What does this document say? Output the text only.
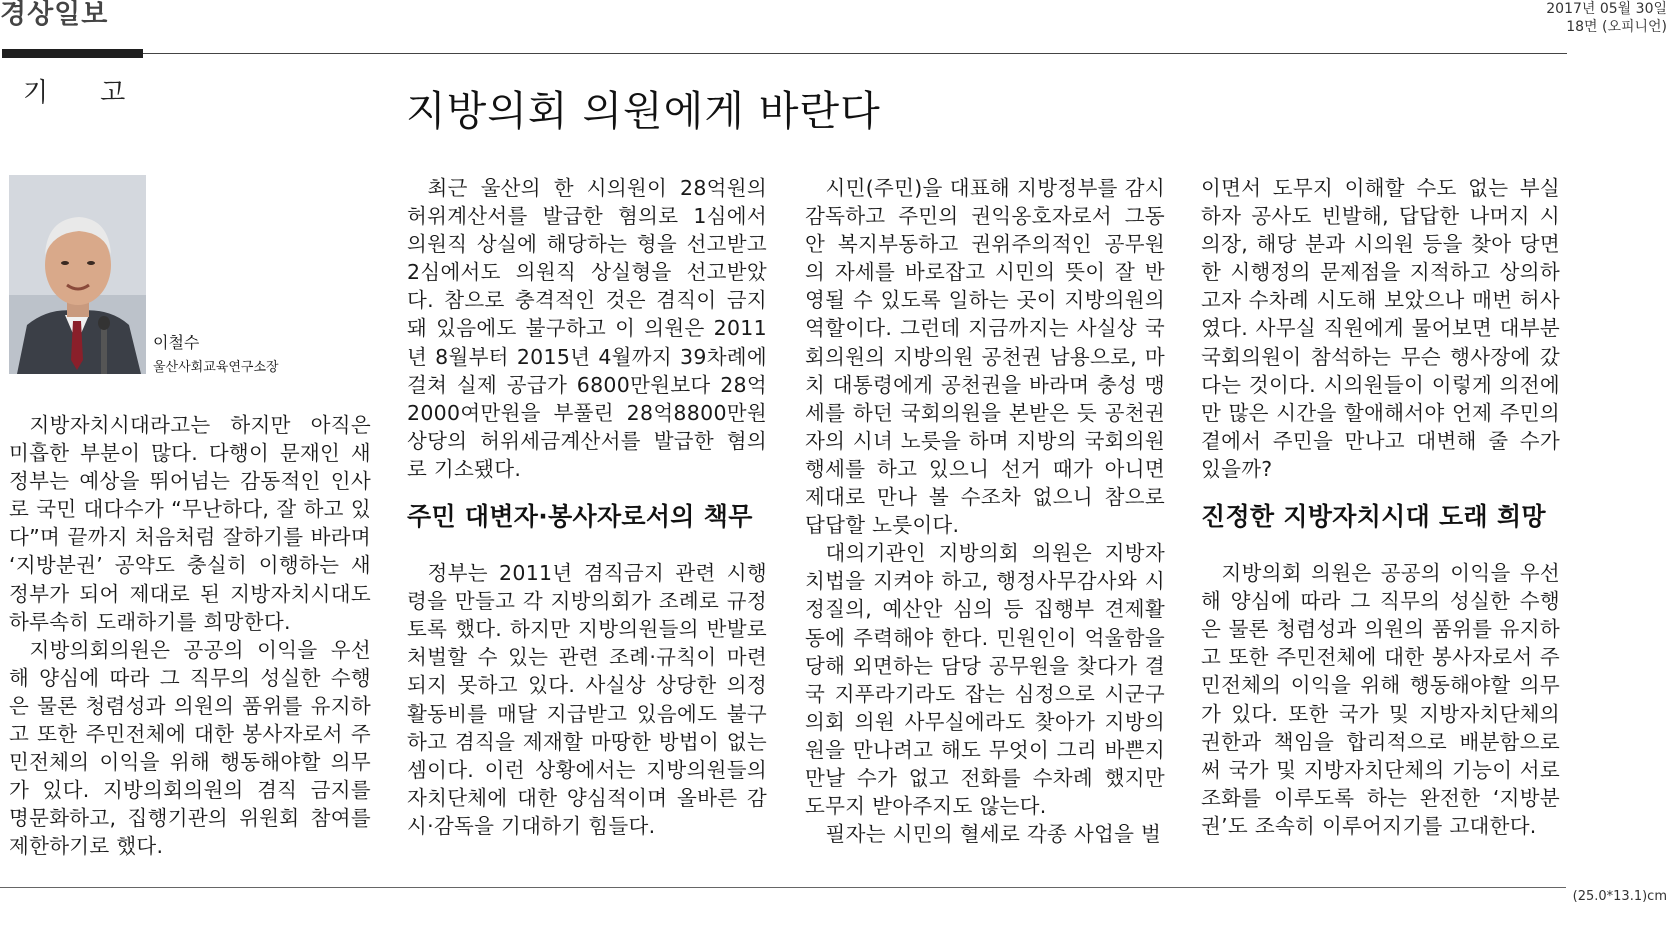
경상일보	2017년 05월 30일
18면 (오피니언)
기고	지방의회 의원에게 바란다
이철수
울산사회교육연구소장

지방자치시대라고는 하지만 아직은 미흡한 부분이 많다. 다행이 문재인 새 정부는 예상을 뛰어넘는 감동적인 인사로 국민 대다수가 “무난하다, 잘 하고 있다”며 끝까지 처음처럼 잘하기를 바라며 ‘지방분권’ 공약도 충실히 이행하는 새 정부가 되어 제대로 된 지방자치시대도 하루속히 도래하기를 희망한다.

지방의회의원은 공공의 이익을 우선해 양심에 따라 그 직무의 성실한 수행은 물론 청렴성과 의원의 품위를 유지하고 또한 주민전체에 대한 봉사자로서 주민전체의 이익을 위해 행동해야할 의무가 있다. 지방의회의원의 겸직 금지를 명문화하고, 집행기관의 위원회 참여를 제한하기로 했다.

최근 울산의 한 시의원이 28억원의 허위계산서를 발급한 혐의로 1심에서 의원직 상실에 해당하는 형을 선고받고 2심에서도 의원직 상실형을 선고받았다. 참으로 충격적인 것은 겸직이 금지돼 있음에도 불구하고 이 의원은 2011년 8월부터 2015년 4월까지 39차례에 걸쳐 실제 공급가 6800만원보다 28억2000여만원을 부풀린 28억8800만원 상당의 허위세금계산서를 발급한 혐의로 기소됐다.

주민 대변자·봉사자로서의 책무

정부는 2011년 겸직금지 관련 시행령을 만들고 각 지방의회가 조례로 규정토록 했다. 하지만 지방의원들의 반발로 처벌할 수 있는 관련 조례·규칙이 마련되지 못하고 있다. 사실상 상당한 의정활동비를 매달 지급받고 있음에도 불구하고 겸직을 제재할 마땅한 방법이 없는 셈이다. 이런 상황에서는 지방의원들의 자치단체에 대한 양심적이며 올바른 감시·감독을 기대하기 힘들다.

시민(주민)을 대표해 지방정부를 감시 감독하고 주민의 권익옹호자로서 그동안 복지부동하고 권위주의적인 공무원의 자세를 바로잡고 시민의 뜻이 잘 반영될 수 있도록 일하는 곳이 지방의원의 역할이다. 그런데 지금까지는 사실상 국회의원의 지방의원 공천권 남용으로, 마치 대통령에게 공천권을 바라며 충성 맹세를 하던 국회의원을 본받은 듯 공천권자의 시녀 노릇을 하며 지방의 국회의원 행세를 하고 있으니 선거 때가 아니면 제대로 만나 볼 수조차 없으니 참으로 답답할 노릇이다.

대의기관인 지방의회 의원은 지방자치법을 지켜야 하고, 행정사무감사와 시정질의, 예산안 심의 등 집행부 견제활동에 주력해야 한다. 민원인이 억울함을 당해 외면하는 담당 공무원을 찾다가 결국 지푸라기라도 잡는 심정으로 시군구의회 의원 사무실에라도 찾아가 지방의원을 만나려고 해도 무엇이 그리 바쁜지 만날 수가 없고 전화를 수차례 했지만 도무지 받아주지도 않는다.

필자는 시민의 혈세로 각종 사업을 벌

이면서 도무지 이해할 수도 없는 부실 하자 공사도 빈발해, 답답한 나머지 시의장, 해당 분과 시의원 등을 찾아 당면한 시행정의 문제점을 지적하고 상의하고자 수차례 시도해 보았으나 매번 허사였다. 사무실 직원에게 물어보면 대부분 국회의원이 참석하는 무슨 행사장에 갔다는 것이다. 시의원들이 이렇게 의전에만 많은 시간을 할애해서야 언제 주민의 곁에서 주민을 만나고 대변해 줄 수가 있을까?

진정한 지방자치시대 도래 희망

지방의회 의원은 공공의 이익을 우선해 양심에 따라 그 직무의 성실한 수행은 물론 청렴성과 의원의 품위를 유지하고 또한 주민전체에 대한 봉사자로서 주민전체의 이익을 위해 행동해야할 의무가 있다. 또한 국가 및 지방자치단체의 권한과 책임을 합리적으로 배분함으로써 국가 및 지방자치단체의 기능이 서로 조화를 이루도록 하는 완전한 ‘지방분권’도 조속히 이루어지기를 고대한다.

(25.0*13.1)cm
